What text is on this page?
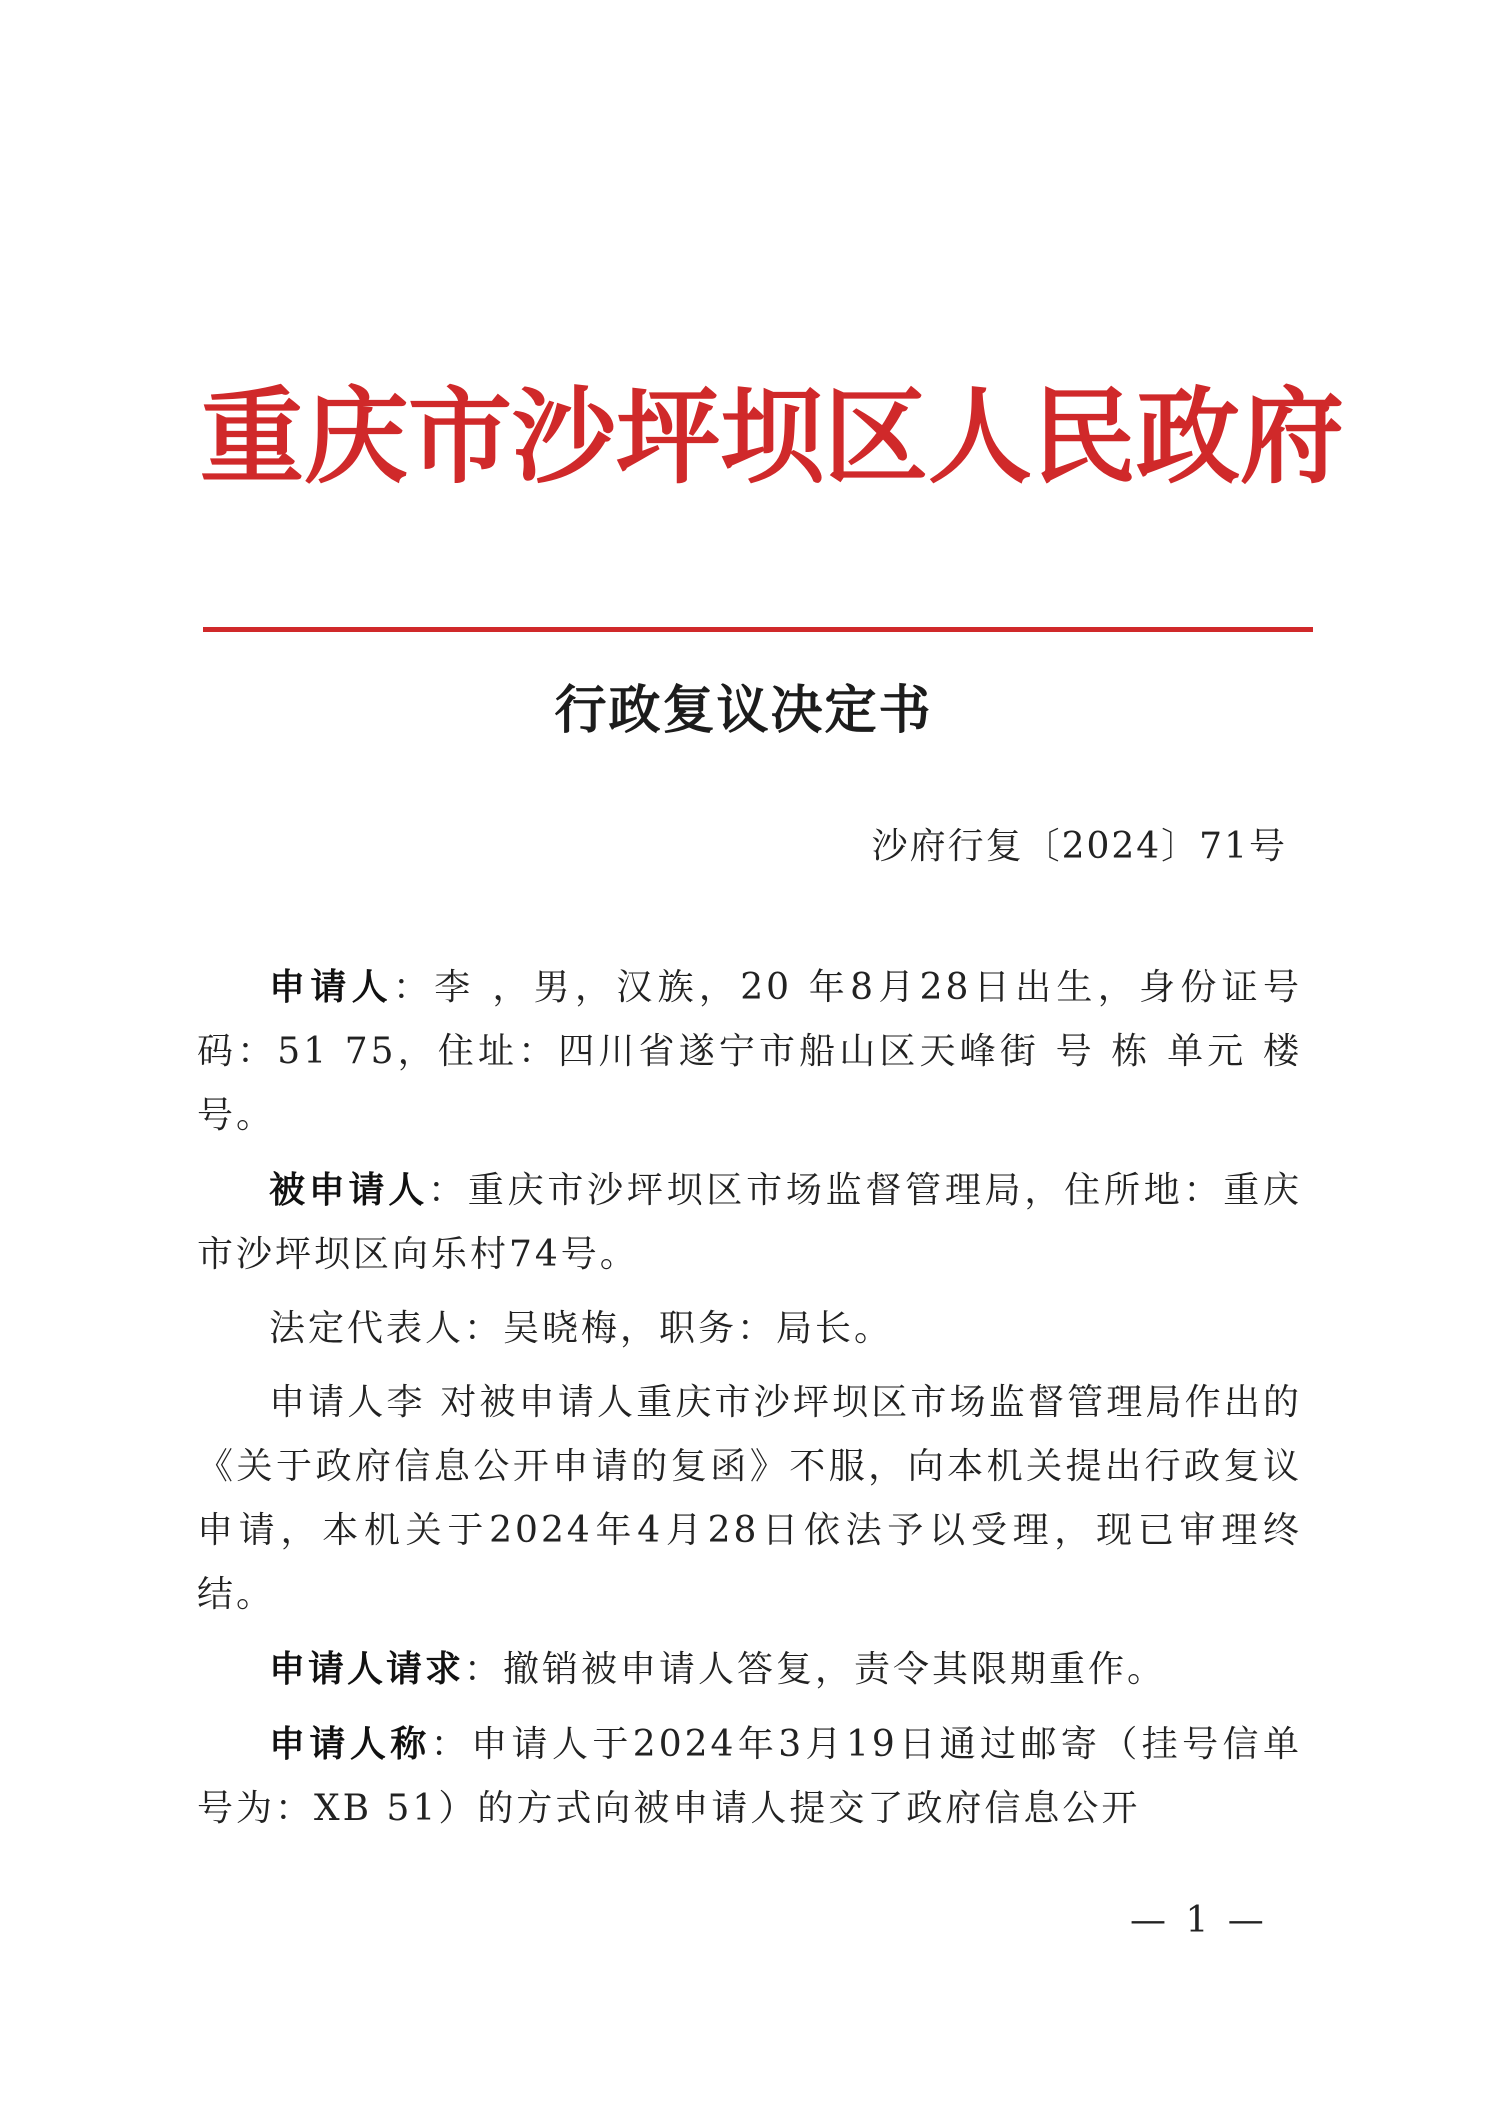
重庆市沙坪坝区人民政府
行政复议决定书
沙府行复〔2024〕71号

申请人：李 ，男，汉族，20 年8月28日出生，身份证号码：51 75，住址：四川省遂宁市船山区天峰街 号 栋 单元 楼 号。

被申请人：重庆市沙坪坝区市场监督管理局，住所地：重庆市沙坪坝区向乐村74号。

法定代表人：吴晓梅，职务：局长。

申请人李 对被申请人重庆市沙坪坝区市场监督管理局作出的《关于政府信息公开申请的复函》不服，向本机关提出行政复议申请，本机关于2024年4月28日依法予以受理，现已审理终结。

申请人请求：撤销被申请人答复，责令其限期重作。

申请人称：申请人于2024年3月19日通过邮寄（挂号信单号为：XB 51）的方式向被申请人提交了政府信息公开

— 1 —
